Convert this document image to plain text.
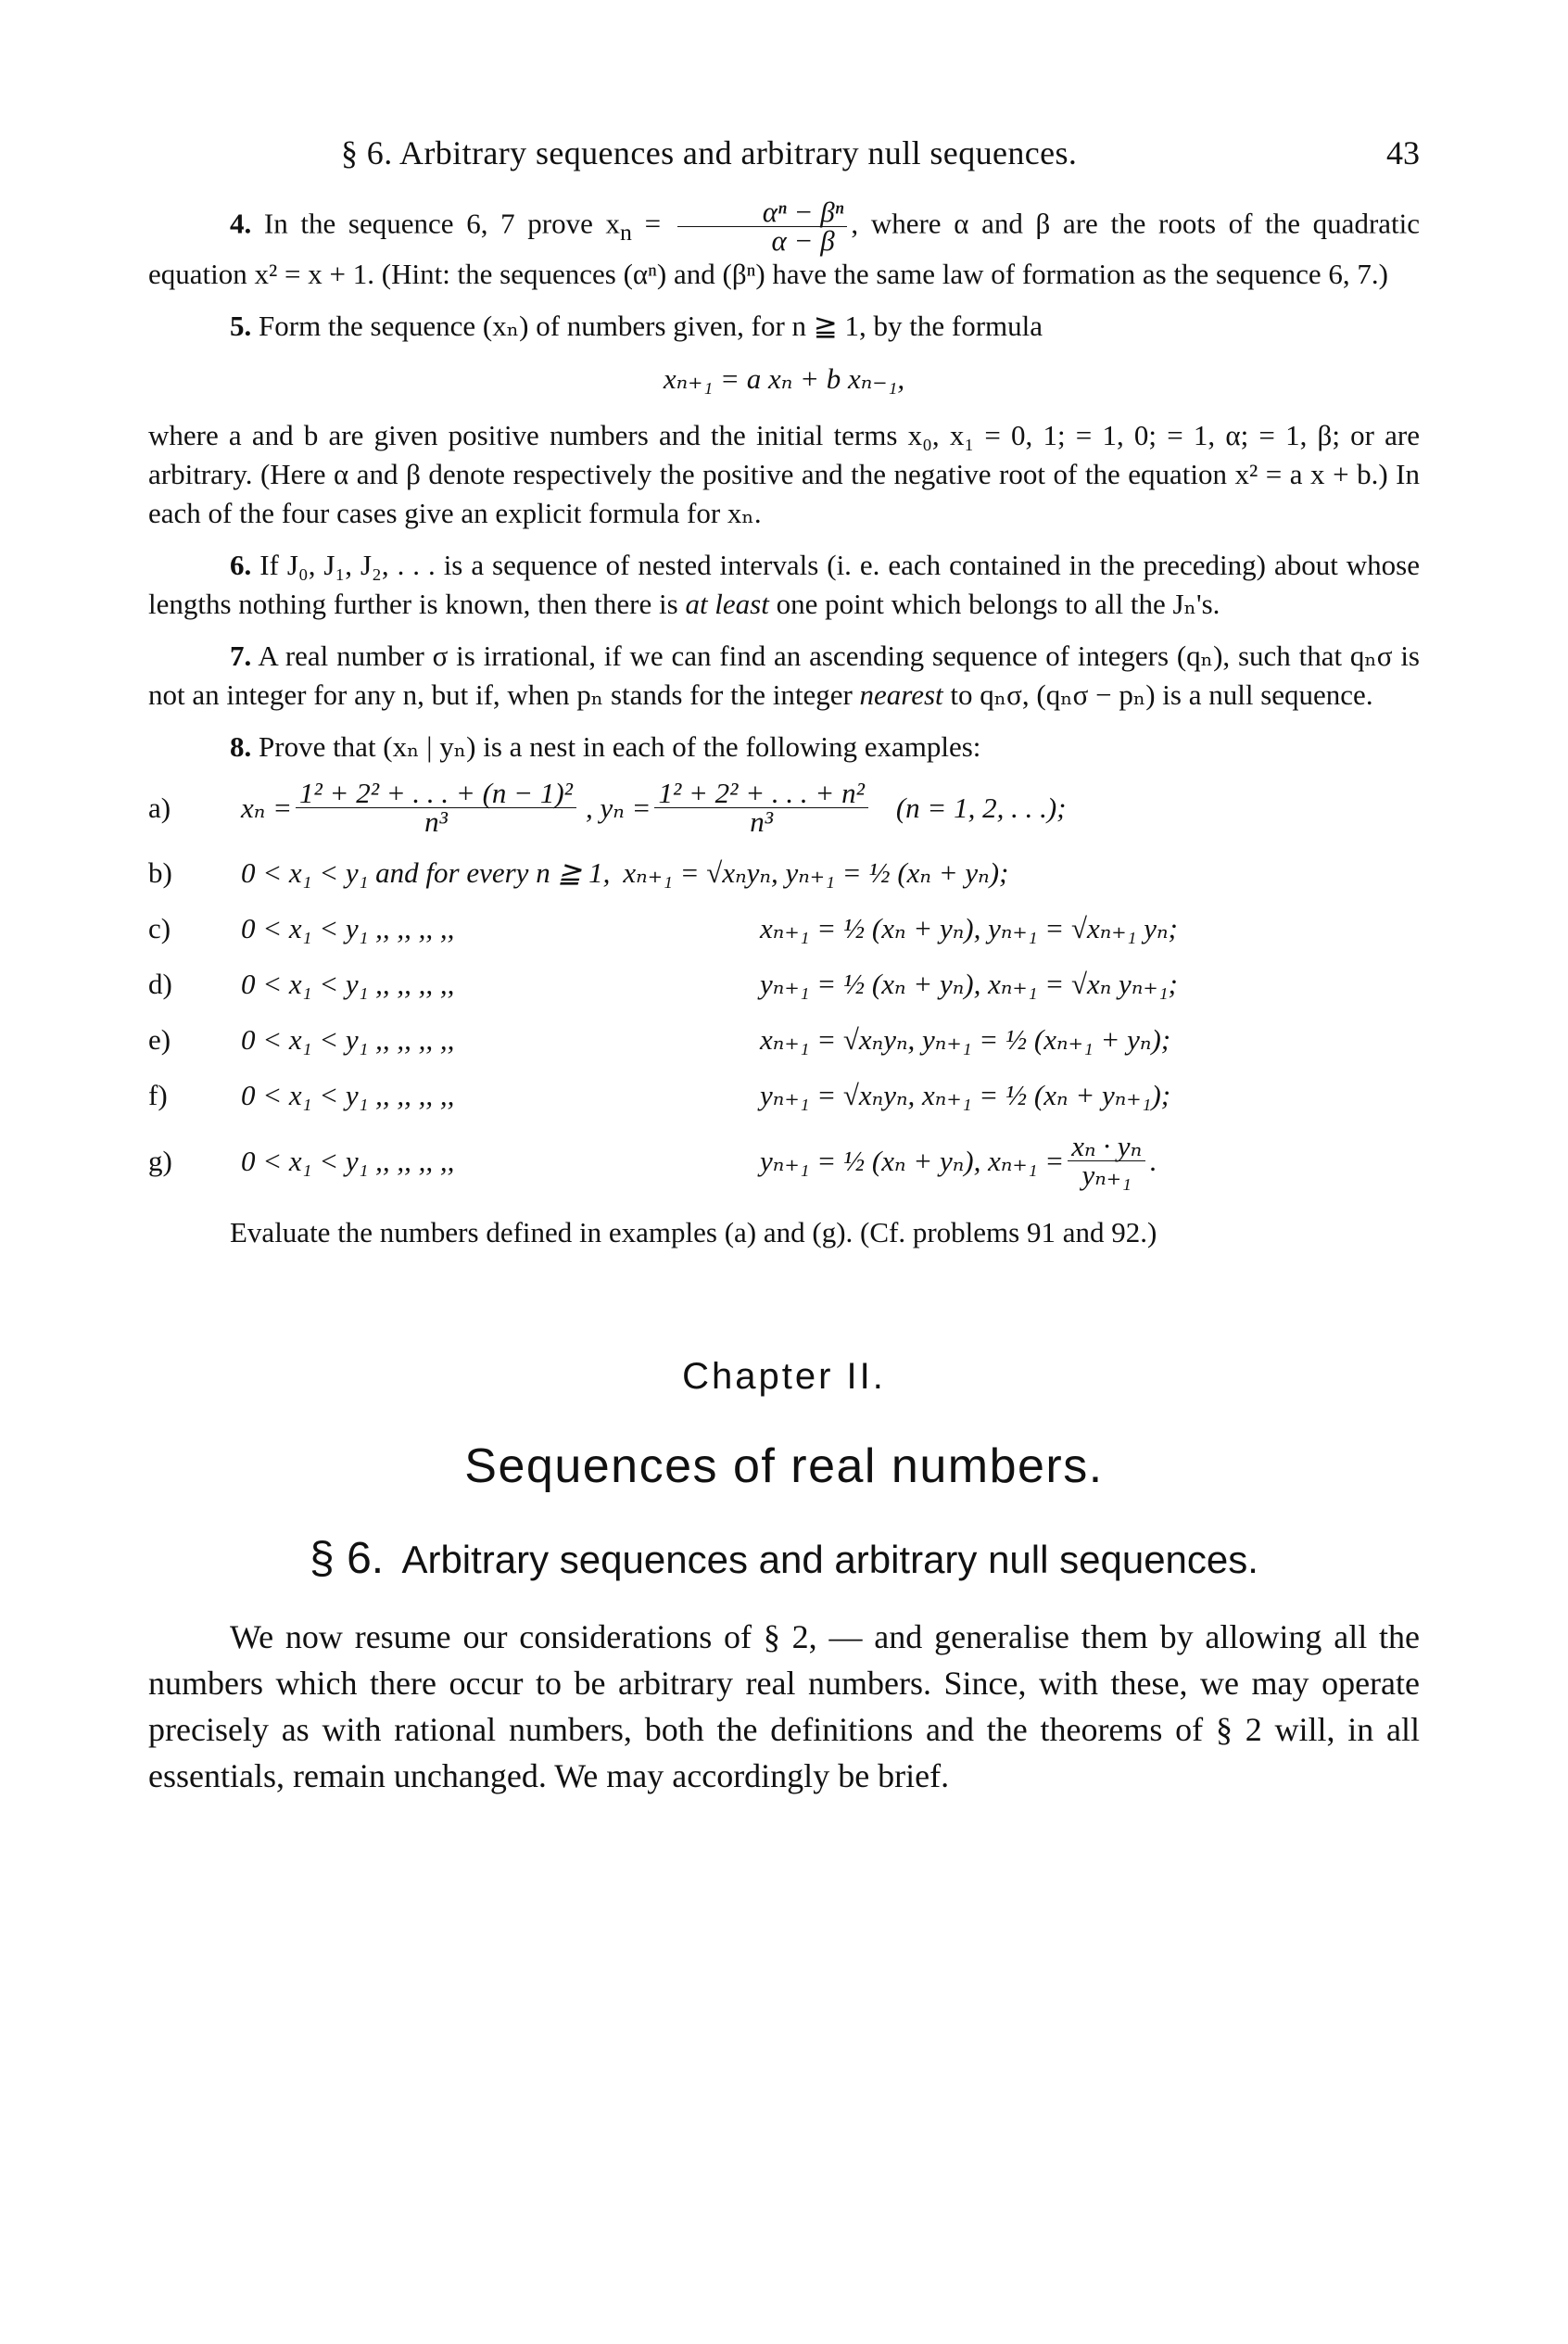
§ 6. Arbitrary sequences and arbitrary null sequences.	43

4. In the sequence 6, 7 prove $x_n = \frac{\text{αⁿ − βⁿ}}{\alpha - \beta}$ , where α and β are the roots of the quadratic equation x² = x + 1. (Hint: the sequences (αⁿ) and (βⁿ) have the same law of formation as the sequence 6, 7.)

5. Form the sequence (xₙ) of numbers given, for n ≧ 1, by the formula

xₙ₊₁ = a xₙ + b xₙ₋₁,

where a and b are given positive numbers and the initial terms x₀, x₁ = 0, 1; = 1, 0; = 1, α; = 1, β; or are arbitrary. (Here α and β denote respectively the positive and the negative root of the equation x² = a x + b.) In each of the four cases give an explicit formula for xₙ.

6. If J₀, J₁, J₂, . . . is a sequence of nested intervals (i. e. each contained in the preceding) about whose lengths nothing further is known, then there is at least one point which belongs to all the Jₙ's.

7. A real number σ is irrational, if we can find an ascending sequence of integers (qₙ), such that qₙσ is not an integer for any n, but if, when pₙ stands for the integer nearest to qₙσ, (qₙσ − pₙ) is a null sequence.

8. Prove that (xₙ | yₙ) is a nest in each of the following examples:

a)	$x_n = \frac{\text{1² + 2² + . . . + (n − 1)²}}{\text{n³}}$ , $y_n = \frac{\text{1² + 2² + . . . + n²}}{\text{n³}} (n = 1$, 2, . . .);
b)	0 < x₁ < y₁ and for every n ≧ 1, xₙ₊₁ = √xₙyₙ, yₙ₊₁ = ½ (xₙ + yₙ);
c)	0 < x₁ < y₁ ,, ,, ,, ,,	xₙ₊₁ = ½ (xₙ + yₙ), yₙ₊₁ = √xₙ₊₁ yₙ;
d)	0 < x₁ < y₁ ,, ,, ,, ,,	yₙ₊₁ = ½ (xₙ + yₙ), xₙ₊₁ = √xₙ yₙ₊₁;
e)	0 < x₁ < y₁ ,, ,, ,, ,,	xₙ₊₁ = √xₙyₙ, yₙ₊₁ = ½ (xₙ₊₁ + yₙ);
f)	0 < x₁ < y₁ ,, ,, ,, ,,	yₙ₊₁ = √xₙyₙ, xₙ₊₁ = ½ (xₙ + yₙ₊₁);
g)	0 < x₁ < y₁ ,, ,, ,, ,,	yₙ₊₁ = ½ (xₙ + yₙ), $x_{n+1} = \frac{\text{xₙ · yₙ}}{\text{yₙ₊₁}}$ .

Evaluate the numbers defined in examples (a) and (g). (Cf. problems 91 and 92.)

Chapter II.
Sequences of real numbers.
§ 6. Arbitrary sequences and arbitrary null sequences.

We now resume our considerations of § 2, — and generalise them by allowing all the numbers which there occur to be arbitrary real numbers. Since, with these, we may operate precisely as with rational numbers, both the definitions and the theorems of § 2 will, in all essentials, remain unchanged. We may accordingly be brief.
